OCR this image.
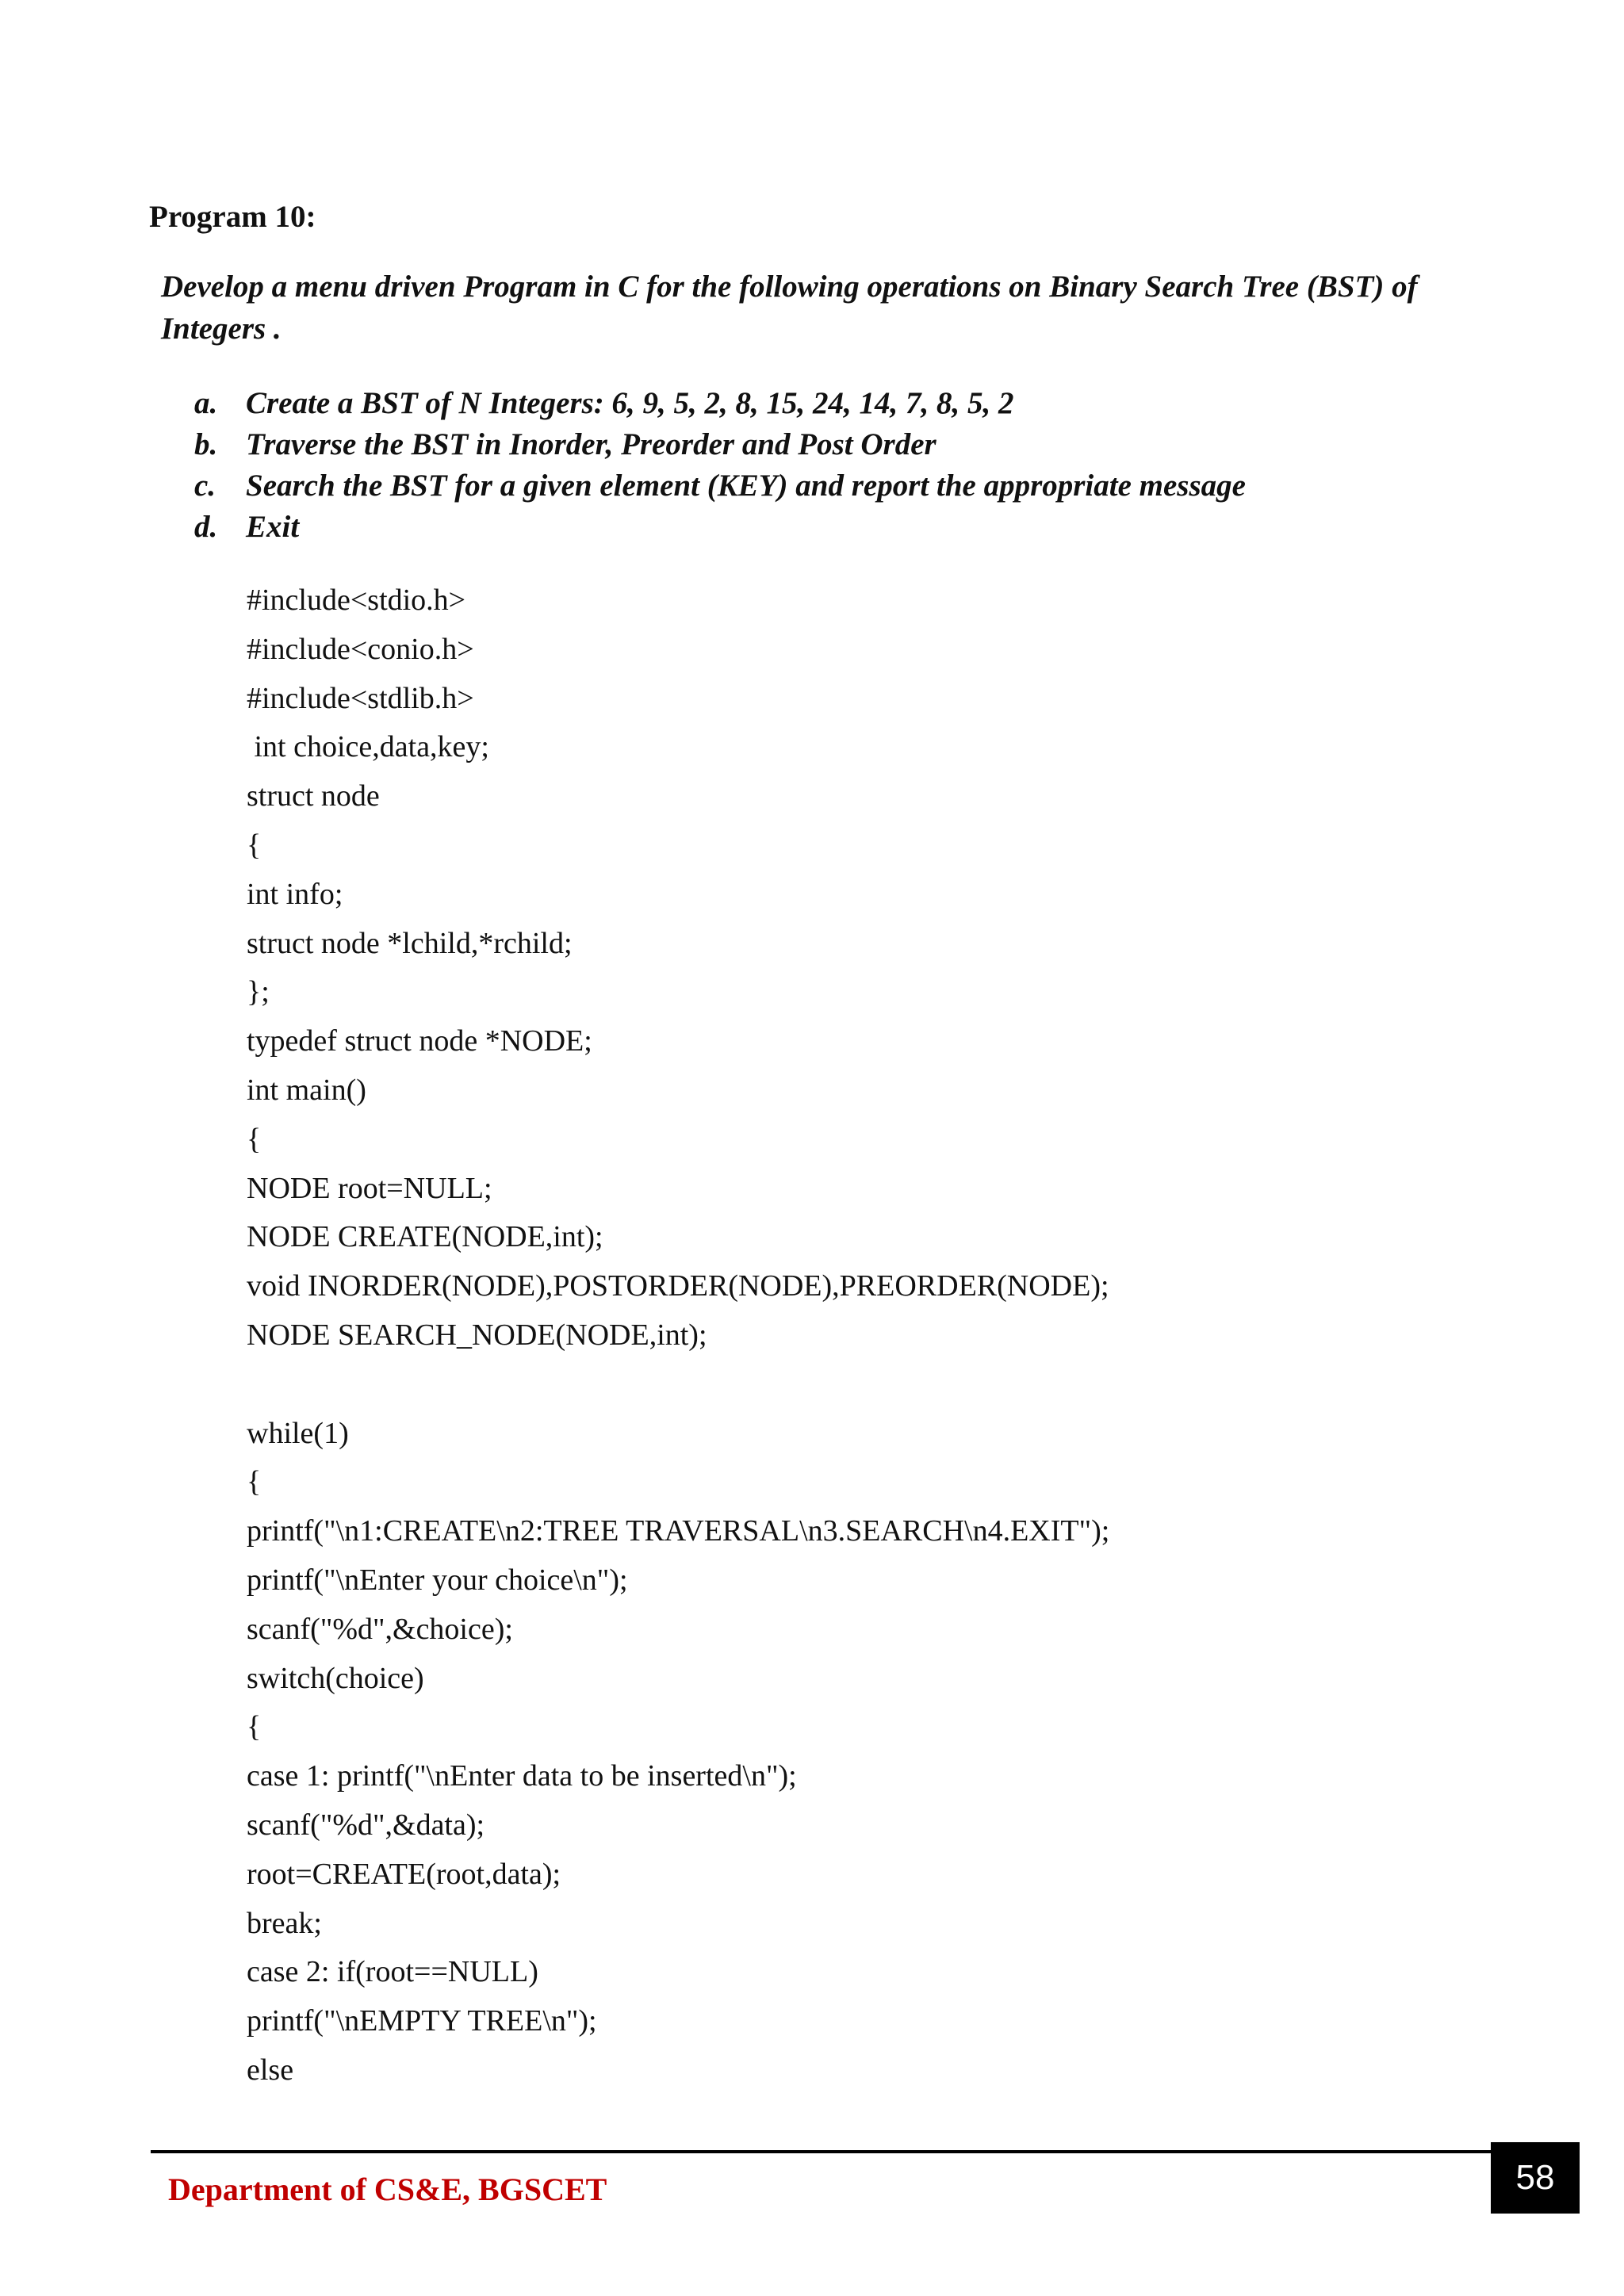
Program 10:

Develop a menu driven Program in C for the following operations on Binary Search Tree (BST) of Integers .

a. Create a BST of N Integers: 6, 9, 5, 2, 8, 15, 24, 14, 7, 8, 5, 2
b. Traverse the BST in Inorder, Preorder and Post Order
c. Search the BST for a given element (KEY) and report the appropriate message
d. Exit
#include<stdio.h>
#include<conio.h>
#include<stdlib.h>
int choice,data,key;
struct node
{
int info;
struct node *lchild,*rchild;
};
typedef struct node *NODE;
int main()
{
NODE root=NULL;
NODE CREATE(NODE,int);
void INORDER(NODE),POSTORDER(NODE),PREORDER(NODE);
NODE SEARCH_NODE(NODE,int);
while(1)
{
printf("\n1:CREATE\n2:TREE TRAVERSAL\n3.SEARCH\n4.EXIT");
printf("\nEnter your choice\n");
scanf("%d",&choice);
switch(choice)
{
case 1: printf("\nEnter data to be inserted\n");
scanf("%d",&data);
root=CREATE(root,data);
break;
case 2: if(root==NULL)
printf("\nEMPTY TREE\n");
else
Department of CS&E, BGSCET	58
